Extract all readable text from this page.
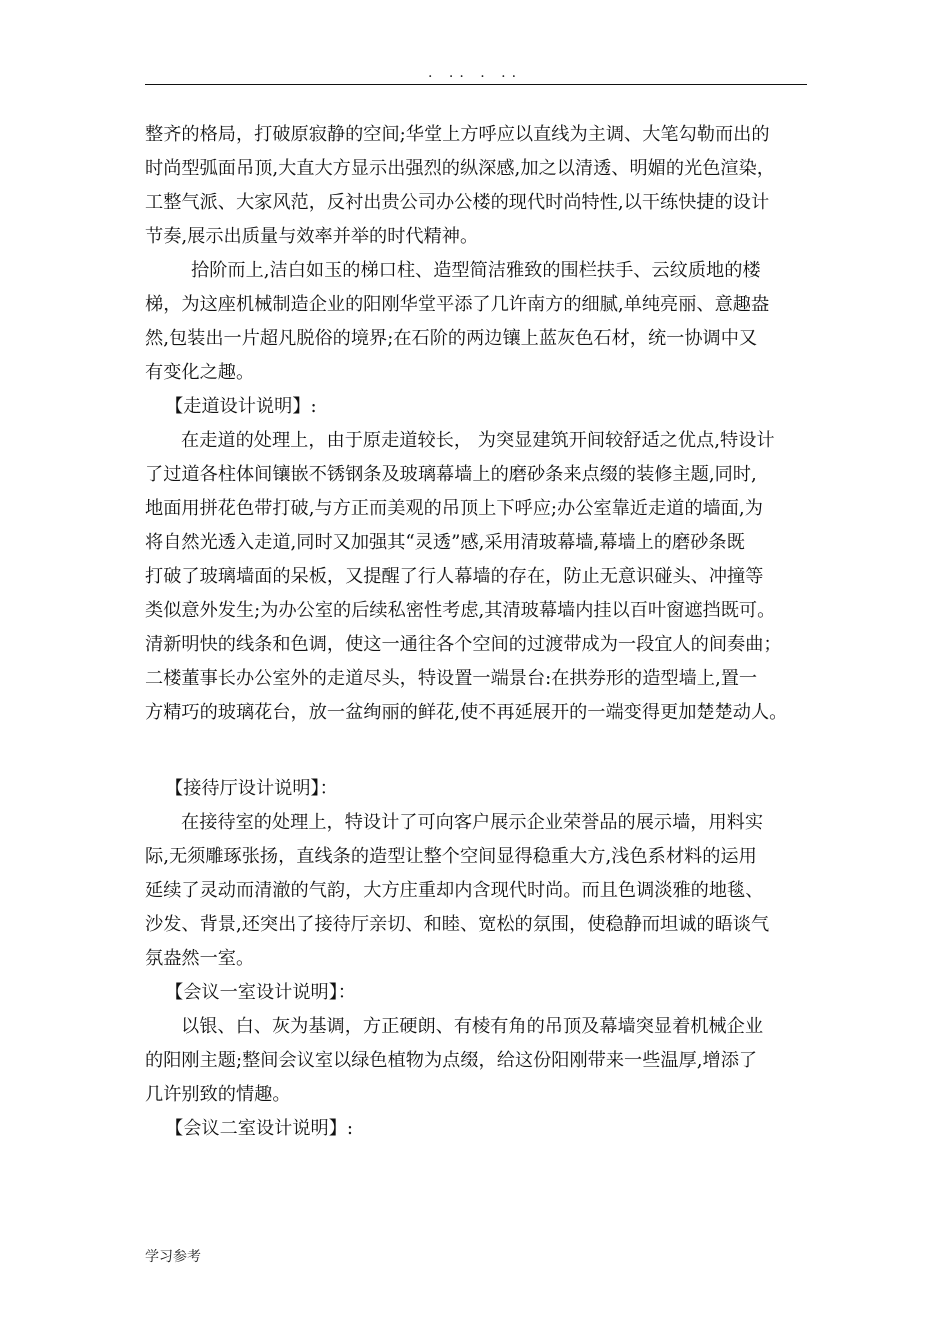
. .. . ..
整齐的格局，打破原寂静的空间;华堂上方呼应以直线为主调、大笔勾勒而出的
时尚型弧面吊顶,大直大方显示出强烈的纵深感,加之以清透、明媚的光色渲染，
工整气派、大家风范，反衬出贵公司办公楼的现代时尚特性,以干练快捷的设计
节奏,展示出质量与效率并举的时代精神。
拾阶而上,洁白如玉的梯口柱、造型简洁雅致的围栏扶手、云纹质地的楼
梯，为这座机械制造企业的阳刚华堂平添了几许南方的细腻,单纯亮丽、意趣盎
然,包装出一片超凡脱俗的境界;在石阶的两边镶上蓝灰色石材，统一协调中又
有变化之趣。
【走道设计说明】:
在走道的处理上，由于原走道较长， 为突显建筑开间较舒适之优点,特设计
了过道各柱体间镶嵌不锈钢条及玻璃幕墙上的磨砂条来点缀的装修主题,同时,
地面用拼花色带打破,与方正而美观的吊顶上下呼应;办公室靠近走道的墙面,为
将自然光透入走道,同时又加强其“灵透”感,采用清玻幕墙,幕墙上的磨砂条既
打破了玻璃墙面的呆板，又提醒了行人幕墙的存在，防止无意识碰头、冲撞等
类似意外发生;为办公室的后续私密性考虑,其清玻幕墙内挂以百叶窗遮挡既可。
清新明快的线条和色调，使这一通往各个空间的过渡带成为一段宜人的间奏曲；
二楼董事长办公室外的走道尽头，特设置一端景台:在拱券形的造型墙上,置一
方精巧的玻璃花台，放一盆绚丽的鲜花,使不再延展开的一端变得更加楚楚动人。
【接待厅设计说明】：
在接待室的处理上，特设计了可向客户展示企业荣誉品的展示墙，用料实
际,无须雕琢张扬，直线条的造型让整个空间显得稳重大方,浅色系材料的运用
延续了灵动而清澈的气韵，大方庄重却内含现代时尚。而且色调淡雅的地毯、
沙发、背景,还突出了接待厅亲切、和睦、宽松的氛围，使稳静而坦诚的晤谈气
氛盎然一室。
【会议一室设计说明】：
以银、白、灰为基调，方正硬朗、有棱有角的吊顶及幕墙突显着机械企业
的阳刚主题;整间会议室以绿色植物为点缀，给这份阳刚带来一些温厚,增添了
几许别致的情趣。
【会议二室设计说明】:
学习参考
